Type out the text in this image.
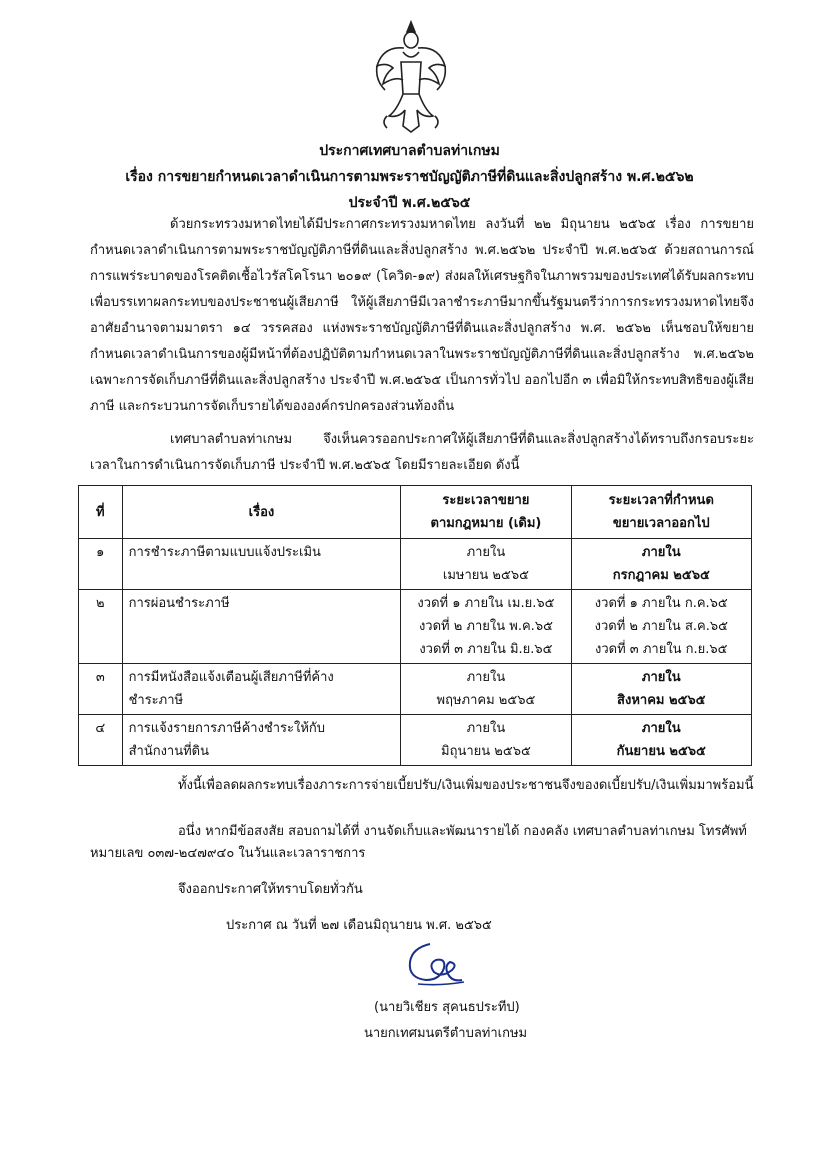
ประกาศเทศบาลตำบลท่าเกษม
เรื่อง การขยายกำหนดเวลาดำเนินการตามพระราชบัญญัติภาษีที่ดินและสิ่งปลูกสร้าง พ.ศ.๒๕๖๒
ประจำปี พ.ศ.๒๕๖๕
ด้วยกระทรวงมหาดไทยได้มีประกาศกระทรวงมหาดไทย ลงวันที่ ๒๒ มิถุนายน ๒๕๖๕ เรื่อง การขยายกำหนดเวลาดำเนินการตามพระราชบัญญัติภาษีที่ดินและสิ่งปลูกสร้าง พ.ศ.๒๕๖๒ ประจำปี พ.ศ.๒๕๖๕ ด้วยสถานการณ์การแพร่ระบาดของโรคติดเชื้อไวรัสโคโรนา ๒๐๑๙ (โควิด-๑๙) ส่งผลให้เศรษฐกิจในภาพรวมของประเทศได้รับผลกระทบ เพื่อบรรเทาผลกระทบของประชาชนผู้เสียภาษี ให้ผู้เสียภาษีมีเวลาชำระภาษีมากขึ้นรัฐมนตรีว่าการกระทรวงมหาดไทยจึงอาศัยอำนาจตามมาตรา ๑๔ วรรคสอง แห่งพระราชบัญญัติภาษีที่ดินและสิ่งปลูกสร้าง พ.ศ. ๒๕๖๒ เห็นชอบให้ขยายกำหนดเวลาดำเนินการของผู้มีหน้าที่ต้องปฏิบัติตามกำหนดเวลาในพระราชบัญญัติภาษีที่ดินและสิ่งปลูกสร้าง พ.ศ.๒๕๖๒ เฉพาะการจัดเก็บภาษีที่ดินและสิ่งปลูกสร้าง ประจำปี พ.ศ.๒๕๖๕ เป็นการทั่วไป ออกไปอีก ๓ เพื่อมิให้กระทบสิทธิของผู้เสียภาษี และกระบวนการจัดเก็บรายได้ขององค์กรปกครองส่วนท้องถิ่น
เทศบาลตำบลท่าเกษม จึงเห็นควรออกประกาศให้ผู้เสียภาษีที่ดินและสิ่งปลูกสร้างได้ทราบถึงกรอบระยะเวลาในการดำเนินการจัดเก็บภาษี ประจำปี พ.ศ.๒๕๖๕ โดยมีรายละเอียด ดังนี้
ที่	เรื่อง	ระยะเวลาขยาย
ตามกฎหมาย (เดิม)	ระยะเวลาที่กำหนด
ขยายเวลาออกไป

๑	การชำระภาษีตามแบบแจ้งประเมิน	ภายใน
เมษายน ๒๕๖๕	ภายใน
กรกฎาคม ๒๕๖๕

๒	การผ่อนชำระภาษี	งวดที่ ๑ ภายใน เม.ย.๖๕
งวดที่ ๒ ภายใน พ.ค.๖๕
งวดที่ ๓ ภายใน มิ.ย.๖๕	งวดที่ ๑ ภายใน ก.ค.๖๕
งวดที่ ๒ ภายใน ส.ค.๖๕
งวดที่ ๓ ภายใน ก.ย.๖๕

๓	การมีหนังสือแจ้งเตือนผู้เสียภาษีที่ค้าง
ชำระภาษี	ภายใน
พฤษภาคม ๒๕๖๕	ภายใน
สิงหาคม ๒๕๖๕

๔	การแจ้งรายการภาษีค้างชำระให้กับ
สำนักงานที่ดิน	ภายใน
มิถุนายน ๒๕๖๕	ภายใน
กันยายน ๒๕๖๕
ทั้งนี้เพื่อลดผลกระทบเรื่องภาระการจ่ายเบี้ยปรับ/เงินเพิ่มของประชาชนจึงของดเบี้ยปรับ/เงินเพิ่มมาพร้อมนี้
อนึ่ง หากมีข้อสงสัย สอบถามได้ที่ งานจัดเก็บและพัฒนารายได้ กองคลัง เทศบาลตำบลท่าเกษม โทรศัพท์
หมายเลข ๐๓๗-๒๔๗๙๔๐ ในวันและเวลาราชการ
จึงออกประกาศให้ทราบโดยทั่วกัน
ประกาศ ณ วันที่ ๒๗ เดือนมิถุนายน พ.ศ. ๒๕๖๕
(นายวิเชียร สุคนธประทีป)
นายกเทศมนตรีตำบลท่าเกษม
